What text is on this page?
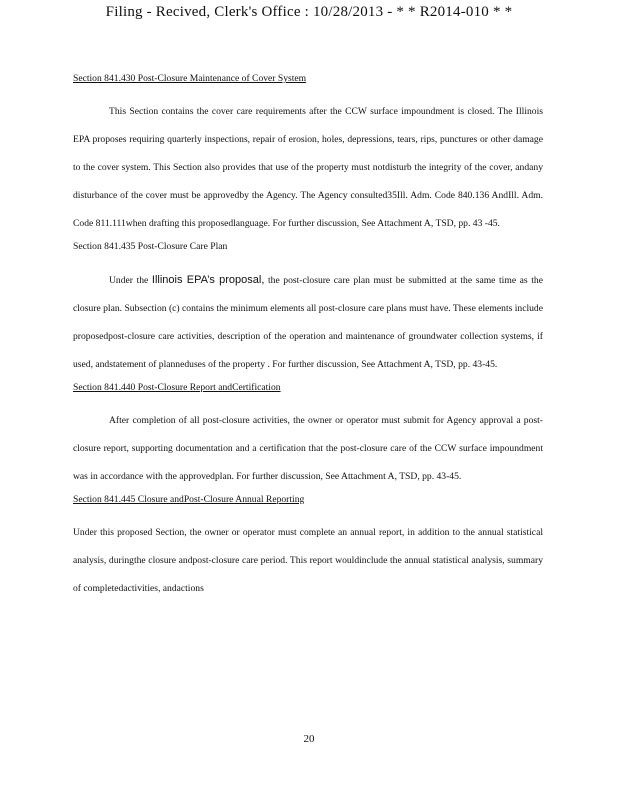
Filing - Recived, Clerk's Office : 10/28/2013 - * * R2014-010 * *
Section 841.430 Post-Closure Maintenance of Cover System

This Section contains the cover care requirements after the CCW surface impoundment is closed. The Illinois EPA proposes requiring quarterly inspections, repair of erosion, holes, depressions, tears, rips, punctures or other damage to the cover system. This Section also provides that use of the property must notdisturb the integrity of the cover, andany disturbance of the cover must be approvedby the Agency. The Agency consulted35Ill. Adm. Code 840.136 AndIll. Adm. Code 811.111when drafting this proposedlanguage. For further discussion, See Attachment A, TSD, pp. 43 -45.

Section 841.435 Post-Closure Care Plan

Under the Illinois EPA’s proposal, the post-closure care plan must be submitted at the same time as the closure plan. Subsection (c) contains the minimum elements all post-closure care plans must have. These elements include proposedpost-closure care activities, description of the operation and maintenance of groundwater collection systems, if used, andstatement of planneduses of the property . For further discussion, See Attachment A, TSD, pp. 43-45.

Section 841.440 Post-Closure Report andCertification

After completion of all post-closure activities, the owner or operator must submit for Agency approval a post-closure report, supporting documentation and a certification that the post-closure care of the CCW surface impoundment was in accordance with the approvedplan. For further discussion, See Attachment A, TSD, pp. 43-45.

Section 841.445 Closure andPost-Closure Annual Reporting

Under this proposed Section, the owner or operator must complete an annual report, in addition to the annual statistical analysis, duringthe closure andpost-closure care period. This report wouldinclude the annual statistical analysis, summary of completedactivities, andactions

20
